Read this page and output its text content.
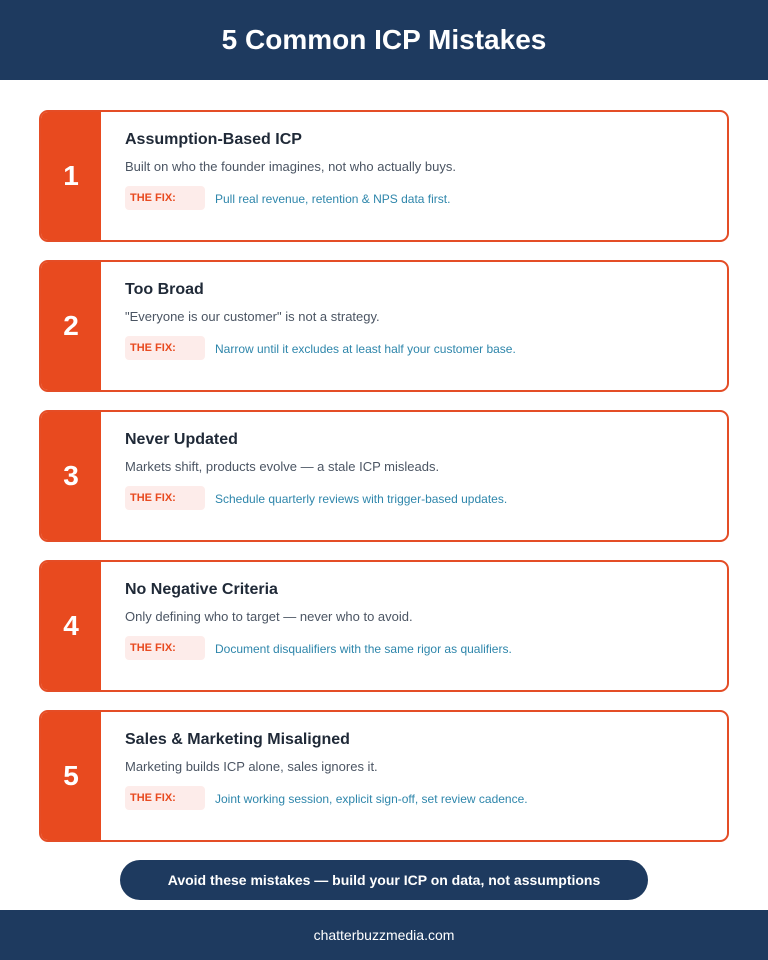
5 Common ICP Mistakes
1
Assumption-Based ICP
Built on who the founder imagines, not who actually buys.
THE FIX:	Pull real revenue, retention & NPS data first.
2
Too Broad
"Everyone is our customer" is not a strategy.
THE FIX:	Narrow until it excludes at least half your customer base.
3
Never Updated
Markets shift, products evolve — a stale ICP misleads.
THE FIX:	Schedule quarterly reviews with trigger-based updates.
4
No Negative Criteria
Only defining who to target — never who to avoid.
THE FIX:	Document disqualifiers with the same rigor as qualifiers.
5
Sales & Marketing Misaligned
Marketing builds ICP alone, sales ignores it.
THE FIX:	Joint working session, explicit sign-off, set review cadence.
Avoid these mistakes — build your ICP on data, not assumptions
chatterbuzzmedia.com
